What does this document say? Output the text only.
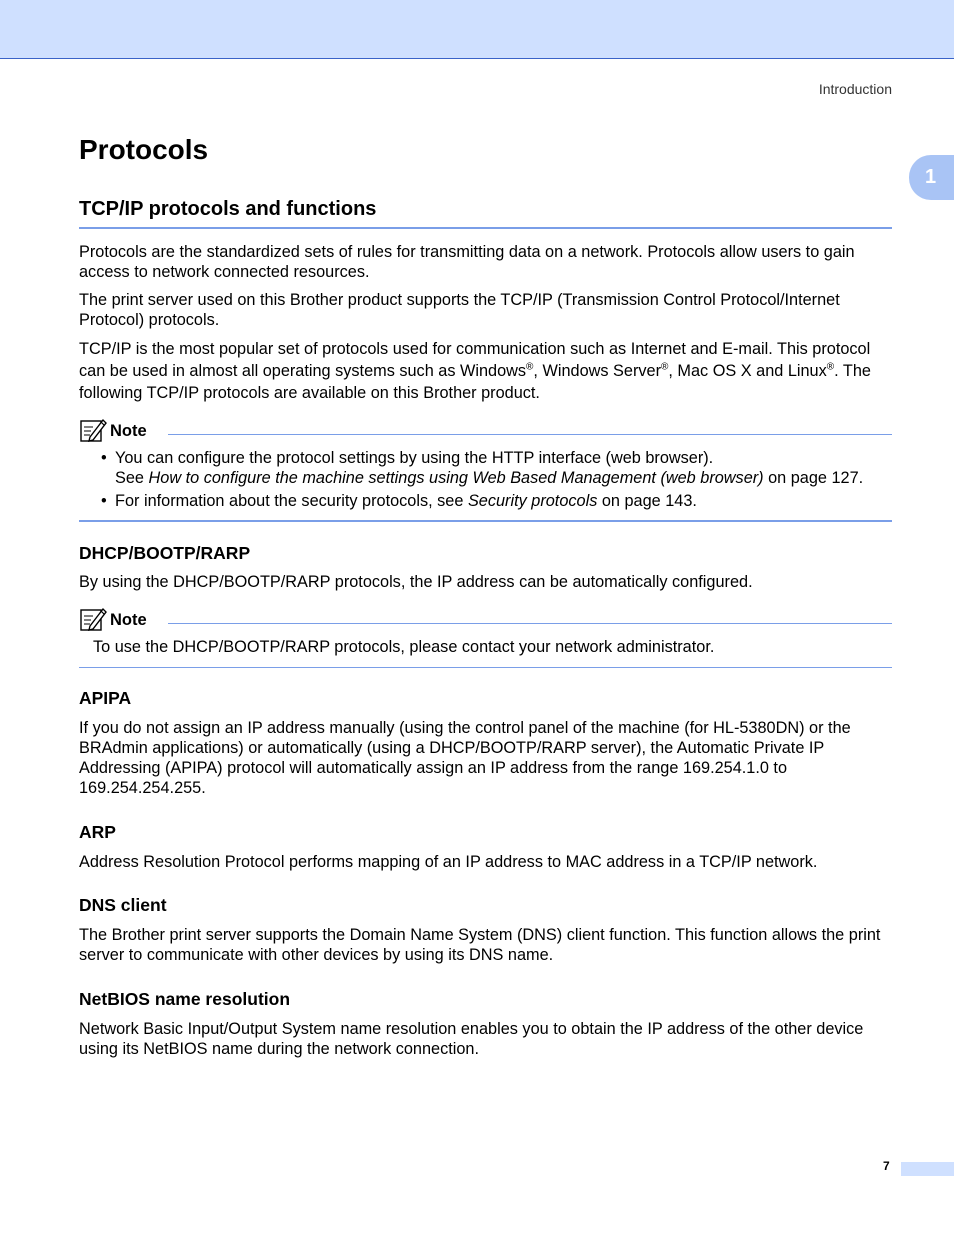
Introduction
1
Protocols
TCP/IP protocols and functions

Protocols are the standardized sets of rules for transmitting data on a network. Protocols allow users to gain access to network connected resources.

The print server used on this Brother product supports the TCP/IP (Transmission Control Protocol/Internet Protocol) protocols.

TCP/IP is the most popular set of protocols used for communication such as Internet and E-mail. This protocol can be used in almost all operating systems such as Windows®, Windows Server®, Mac OS X and Linux®. The following TCP/IP protocols are available on this Brother product.

Note
• You can configure the protocol settings by using the HTTP interface (web browser).
See How to configure the machine settings using Web Based Management (web browser) on page 127.
• For information about the security protocols, see Security protocols on page 143.
DHCP/BOOTP/RARP

By using the DHCP/BOOTP/RARP protocols, the IP address can be automatically configured.

Note

To use the DHCP/BOOTP/RARP protocols, please contact your network administrator.

APIPA

If you do not assign an IP address manually (using the control panel of the machine (for HL-5380DN) or the BRAdmin applications) or automatically (using a DHCP/BOOTP/RARP server), the Automatic Private IP Addressing (APIPA) protocol will automatically assign an IP address from the range 169.254.1.0 to 169.254.254.255.

ARP

Address Resolution Protocol performs mapping of an IP address to MAC address in a TCP/IP network.

DNS client

The Brother print server supports the Domain Name System (DNS) client function. This function allows the print server to communicate with other devices by using its DNS name.

NetBIOS name resolution

Network Basic Input/Output System name resolution enables you to obtain the IP address of the other device using its NetBIOS name during the network connection.

7
